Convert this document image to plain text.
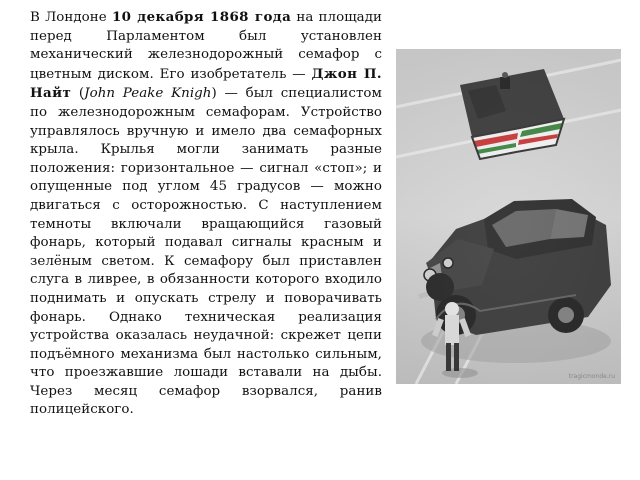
В Лондоне 10 декабря 1868 года на площади перед Парламентом был установлен механический железнодорожный семафор с цветным диском. Его изобретатель — Джон П. Найт (John Peake Knigh) — был специалистом по железнодорожным семафорам. Устройство управлялось вручную и имело два семафорных крыла. Крылья могли занимать разные положения: горизонтальное — сигнал «стоп»; и опущенные под углом 45 градусов — можно двигаться с осторожностью. С наступлением темноты включали вращающийся газовый фонарь, который подавал сигналы красным и зелёным светом. К семафору был приставлен слуга в ливрее, в обязанности которого входило поднимать и опускать стрелу и поворачивать фонарь. Однако техническая реализация устройства оказалась неудачной: скрежет цепи подъёмного механизма был настолько сильным, что проезжавшие лошади вставали на дыбы. Через месяц семафор взорвался, ранив полицейского.

tragicmonde.ru
